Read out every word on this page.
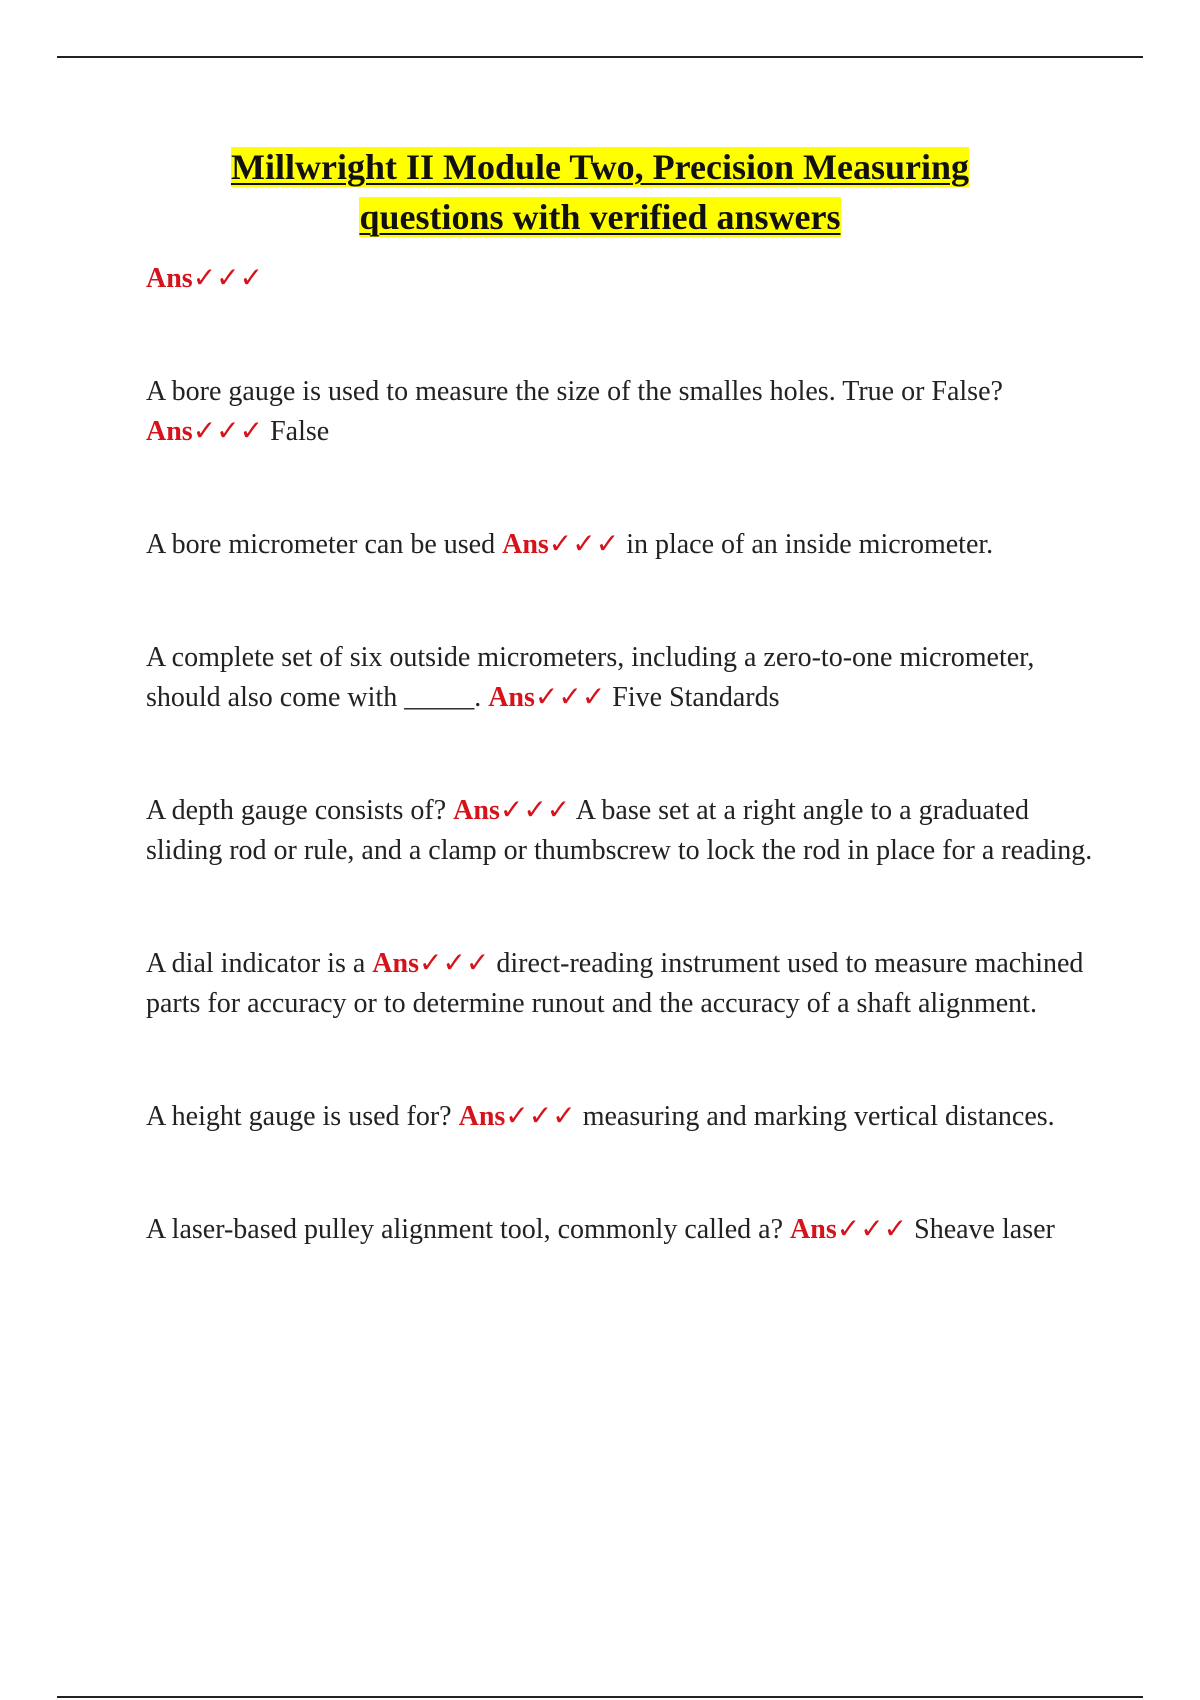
Millwright II Module Two, Precision Measuring
questions with verified answers

Ans✓✓✓

A bore gauge is used to measure the size of the smalles holes. True or False? Ans✓✓✓ False

A bore micrometer can be used Ans✓✓✓ in place of an inside micrometer.

A complete set of six outside micrometers, including a zero-to-one micrometer, should also come with _____. Ans✓✓✓ Five Standards

A depth gauge consists of? Ans✓✓✓ A base set at a right angle to a graduated sliding rod or rule, and a clamp or thumbscrew to lock the rod in place for a reading.

A dial indicator is a Ans✓✓✓ direct-reading instrument used to measure machined parts for accuracy or to determine runout and the accuracy of a shaft alignment.

A height gauge is used for? Ans✓✓✓ measuring and marking vertical distances.

A laser-based pulley alignment tool, commonly called a? Ans✓✓✓ Sheave laser
